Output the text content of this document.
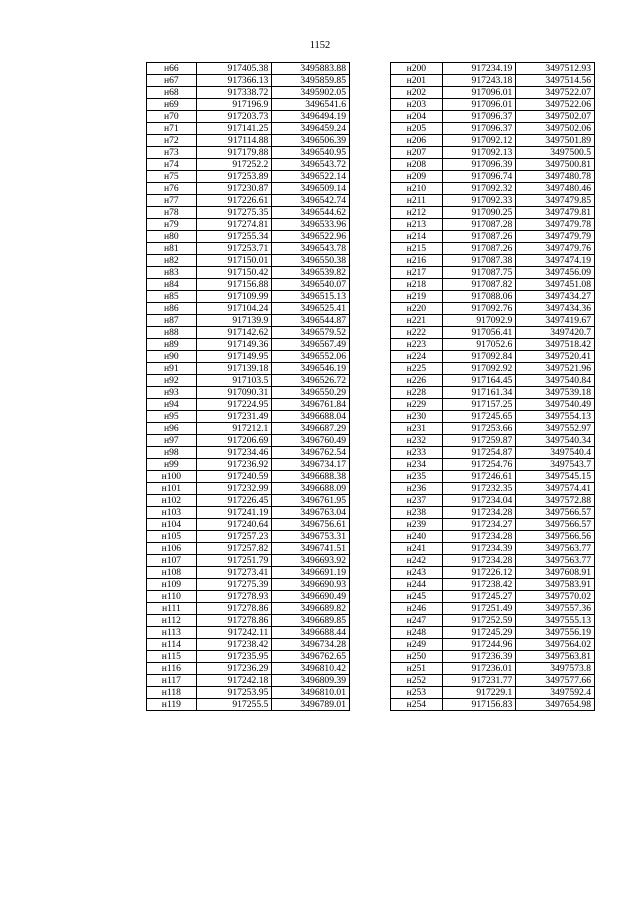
1152
н66	917405.38	3495883.88
н67	917366.13	3495859.85
н68	917338.72	3495902.05
н69	917196.9	3496541.6
н70	917203.73	3496494.19
н71	917141.25	3496459.24
н72	917114.88	3496506.39
н73	917179.88	3496540.95
н74	917252.2	3496543.72
н75	917253.89	3496522.14
н76	917230.87	3496509.14
н77	917226.61	3496542.74
н78	917275.35	3496544.62
н79	917274.81	3496533.96
н80	917255.34	3496522.96
н81	917253.71	3496543.78
н82	917150.01	3496550.38
н83	917150.42	3496539.82
н84	917156.88	3496540.07
н85	917109.99	3496515.13
н86	917104.24	3496525.41
н87	917139.9	3496544.87
н88	917142.62	3496579.52
н89	917149.36	3496567.49
н90	917149.95	3496552.06
н91	917139.18	3496546.19
н92	917103.5	3496526.72
н93	917090.31	3496550.29
н94	917224.95	3496761.84
н95	917231.49	3496688.04
н96	917212.1	3496687.29
н97	917206.69	3496760.49
н98	917234.46	3496762.54
н99	917236.92	3496734.17
н100	917240.59	3496688.38
н101	917232.99	3496688.09
н102	917226.45	3496761.95
н103	917241.19	3496763.04
н104	917240.64	3496756.61
н105	917257.23	3496753.31
н106	917257.82	3496741.51
н107	917251.79	3496693.92
н108	917273.41	3496691.19
н109	917275.39	3496690.93
н110	917278.93	3496690.49
н111	917278.86	3496689.82
н112	917278.86	3496689.85
н113	917242.11	3496688.44
н114	917238.42	3496734.28
н115	917235.95	3496762.65
н116	917236.29	3496810.42
н117	917242.18	3496809.39
н118	917253.95	3496810.01
н119	917255.5	3496789.01
н200	917234.19	3497512.93
н201	917243.18	3497514.56
н202	917096.01	3497522.07
н203	917096.01	3497522.06
н204	917096.37	3497502.07
н205	917096.37	3497502.06
н206	917092.12	3497501.89
н207	917092.13	3497500.5
н208	917096.39	3497500.81
н209	917096.74	3497480.78
н210	917092.32	3497480.46
н211	917092.33	3497479.85
н212	917090.25	3497479.81
н213	917087.28	3497479.78
н214	917087.26	3497479.79
н215	917087.26	3497479.76
н216	917087.38	3497474.19
н217	917087.75	3497456.09
н218	917087.82	3497451.08
н219	917088.06	3497434.27
н220	917092.76	3497434.36
н221	917092.9	3497419.67
н222	917056.41	3497420.7
н223	917052.6	3497518.42
н224	917092.84	3497520.41
н225	917092.92	3497521.96
н226	917164.45	3497540.84
н228	917161.34	3497539.18
н229	917157.25	3497540.49
н230	917245.65	3497554.13
н231	917253.66	3497552.97
н232	917259.87	3497540.34
н233	917254.87	3497540.4
н234	917254.76	3497543.7
н235	917246.61	3497545.15
н236	917232.35	3497574.41
н237	917234.04	3497572.88
н238	917234.28	3497566.57
н239	917234.27	3497566.57
н240	917234.28	3497566.56
н241	917234.39	3497563.77
н242	917234.28	3497563.77
н243	917226.12	3497608.91
н244	917238.42	3497583.91
н245	917245.27	3497570.02
н246	917251.49	3497557.36
н247	917252.59	3497555.13
н248	917245.29	3497556.19
н249	917244.96	3497564.02
н250	917236.39	3497563.81
н251	917236.01	3497573.8
н252	917231.77	3497577.66
н253	917229.1	3497592.4
н254	917156.83	3497654.98
